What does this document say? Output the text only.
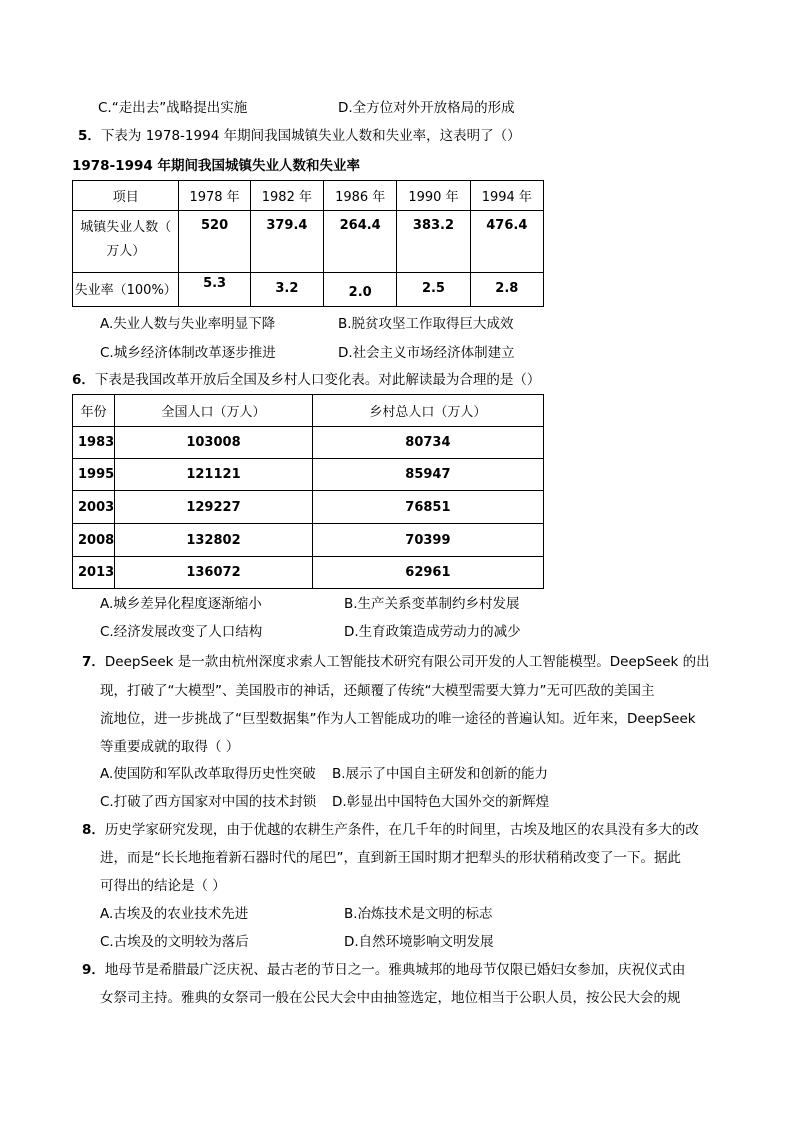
C.“走出去”战略提出实施	D.全方位对外开放格局的形成
5．下表为 1978-1994 年期间我国城镇失业人数和失业率，这表明了（）
1978-1994 年期间我国城镇失业人数和失业率
项目	1978 年	1982 年	1986 年	1990 年	1994 年

城镇失业人数（
万人）	520	379.4	264.4	383.2	476.4
失业率（100%）	5.3	3.2	2.0	2.5	2.8
A.失业人数与失业率明显下降	B.脱贫攻坚工作取得巨大成效
C.城乡经济体制改革逐步推进	D.社会主义市场经济体制建立
6．下表是我国改革开放后全国及乡村人口变化表。对此解读最为合理的是（）
年份	全国人口（万人）	乡村总人口（万人）
1983	103008	80734
1995	121121	85947
2003	129227	76851
2008	132802	70399
2013	136072	62961
A.城乡差异化程度逐渐缩小	B.生产关系变革制约乡村发展
C.经济发展改变了人口结构	D.生育政策造成劳动力的减少
7．DeepSeek 是一款由杭州深度求索人工智能技术研究有限公司开发的人工智能模型。DeepSeek 的出
现，打破了“大模型”、美国股市的神话，还颠覆了传统“大模型需要大算力”无可匹敌的美国主
流地位，进一步挑战了“巨型数据集”作为人工智能成功的唯一途径的普遍认知。近年来，DeepSeek
等重要成就的取得（ ）
A.使国防和军队改革取得历史性突破 B.展示了中国自主研发和创新的能力
C.打破了西方国家对中国的技术封锁 D.彰显出中国特色大国外交的新辉煌
8．历史学家研究发现，由于优越的农耕生产条件，在几千年的时间里，古埃及地区的农具没有多大的改
进，而是“长长地拖着新石器时代的尾巴”，直到新王国时期才把犁头的形状稍稍改变了一下。据此
可得出的结论是（ ）
A.古埃及的农业技术先进	B.冶炼技术是文明的标志
C.古埃及的文明较为落后	D.自然环境影响文明发展
9．地母节是希腊最广泛庆祝、最古老的节日之一。雅典城邦的地母节仅限已婚妇女参加，庆祝仪式由
女祭司主持。雅典的女祭司一般在公民大会中由抽签选定，地位相当于公职人员，按公民大会的规
